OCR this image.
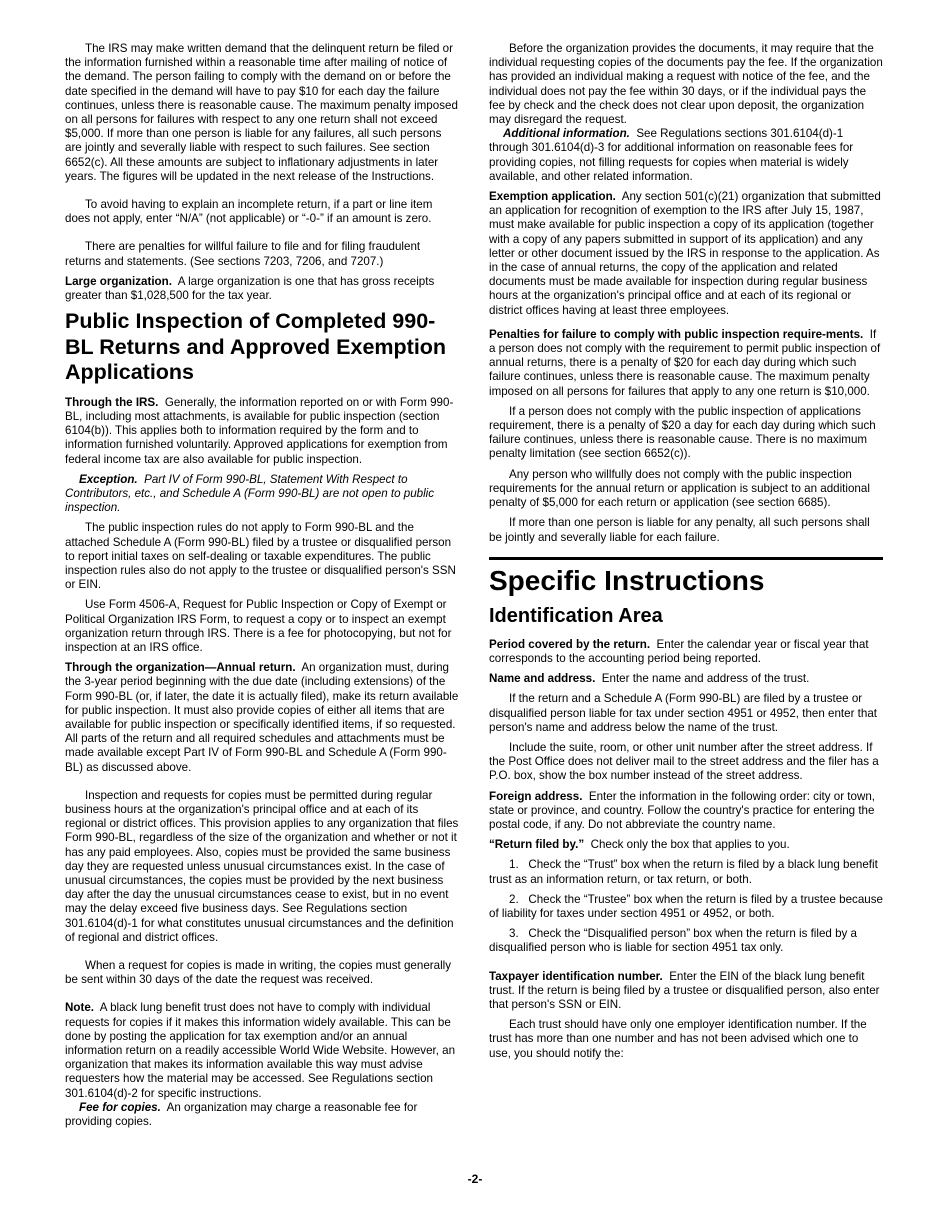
The IRS may make written demand that the delinquent return be filed or the information furnished within a reasonable time after mailing of notice of the demand. The person failing to comply with the demand on or before the date specified in the demand will have to pay $10 for each day the failure continues, unless there is reasonable cause. The maximum penalty imposed on all persons for failures with respect to any one return shall not exceed $5,000. If more than one person is liable for any failures, all such persons are jointly and severally liable with respect to such failures. See section 6652(c). All these amounts are subject to inflationary adjustments in later years. The figures will be updated in the next release of the Instructions.

To avoid having to explain an incomplete return, if a part or line item does not apply, enter “N/A” (not applicable) or “-0-” if an amount is zero.

There are penalties for willful failure to file and for filing fraudulent returns and statements. (See sections 7203, 7206, and 7207.)

Large organization. A large organization is one that has gross receipts greater than $1,028,500 for the tax year.

Public Inspection of Completed 990-BL Returns and Approved Exemption Applications

Through the IRS. Generally, the information reported on or with Form 990-BL, including most attachments, is available for public inspection (section 6104(b)). This applies both to information required by the form and to information furnished voluntarily. Approved applications for exemption from federal income tax are also available for public inspection.

Exception. Part IV of Form 990-BL, Statement With Respect to Contributors, etc., and Schedule A (Form 990-BL) are not open to public inspection.

The public inspection rules do not apply to Form 990-BL and the attached Schedule A (Form 990-BL) filed by a trustee or disqualified person to report initial taxes on self-dealing or taxable expenditures. The public inspection rules also do not apply to the trustee or disqualified person's SSN or EIN.

Use Form 4506-A, Request for Public Inspection or Copy of Exempt or Political Organization IRS Form, to request a copy or to inspect an exempt organization return through IRS. There is a fee for photocopying, but not for inspection at an IRS office.

Through the organization—Annual return. An organization must, during the 3-year period beginning with the due date (including extensions) of the Form 990-BL (or, if later, the date it is actually filed), make its return available for public inspection. It must also provide copies of either all items that are available for public inspection or specifically identified items, if so requested. All parts of the return and all required schedules and attachments must be made available except Part IV of Form 990-BL and Schedule A (Form 990-BL) as discussed above.

Inspection and requests for copies must be permitted during regular business hours at the organization's principal office and at each of its regional or district offices. This provision applies to any organization that files Form 990-BL, regardless of the size of the organization and whether or not it has any paid employees. Also, copies must be provided the same business day they are requested unless unusual circumstances exist. In the case of unusual circumstances, the copies must be provided by the next business day after the day the unusual circumstances cease to exist, but in no event may the delay exceed five business days. See Regulations section 301.6104(d)-1 for what constitutes unusual circumstances and the definition of regional and district offices.

When a request for copies is made in writing, the copies must generally be sent within 30 days of the date the request was received.

Note. A black lung benefit trust does not have to comply with individual requests for copies if it makes this information widely available. This can be done by posting the application for tax exemption and/or an annual information return on a readily accessible World Wide Website. However, an organization that makes its information available this way must advise requesters how the material may be accessed. See Regulations section 301.6104(d)-2 for specific instructions.

Fee for copies. An organization may charge a reasonable fee for providing copies.

Before the organization provides the documents, it may require that the individual requesting copies of the documents pay the fee. If the organization has provided an individual making a request with notice of the fee, and the individual does not pay the fee within 30 days, or if the individual pays the fee by check and the check does not clear upon deposit, the organization may disregard the request.

Additional information. See Regulations sections 301.6104(d)-1 through 301.6104(d)-3 for additional information on reasonable fees for providing copies, not filling requests for copies when material is widely available, and other related information.

Exemption application. Any section 501(c)(21) organization that submitted an application for recognition of exemption to the IRS after July 15, 1987, must make available for public inspection a copy of its application (together with a copy of any papers submitted in support of its application) and any letter or other document issued by the IRS in response to the application. As in the case of annual returns, the copy of the application and related documents must be made available for inspection during regular business hours at the organization's principal office and at each of its regional or district offices having at least three employees.

Penalties for failure to comply with public inspection require-ments. If a person does not comply with the requirement to permit public inspection of annual returns, there is a penalty of $20 for each day during which such failure continues, unless there is reasonable cause. The maximum penalty imposed on all persons for failures that apply to any one return is $10,000.

If a person does not comply with the public inspection of applications requirement, there is a penalty of $20 a day for each day during which such failure continues, unless there is reasonable cause. There is no maximum penalty limitation (see section 6652(c)).

Any person who willfully does not comply with the public inspection requirements for the annual return or application is subject to an additional penalty of $5,000 for each return or application (see section 6685).

If more than one person is liable for any penalty, all such persons shall be jointly and severally liable for each failure.

Specific Instructions
Identification Area

Period covered by the return. Enter the calendar year or fiscal year that corresponds to the accounting period being reported.

Name and address. Enter the name and address of the trust.

If the return and a Schedule A (Form 990-BL) are filed by a trustee or disqualified person liable for tax under section 4951 or 4952, then enter that person's name and address below the name of the trust.

Include the suite, room, or other unit number after the street address. If the Post Office does not deliver mail to the street address and the filer has a P.O. box, show the box number instead of the street address.

Foreign address. Enter the information in the following order: city or town, state or province, and country. Follow the country's practice for entering the postal code, if any. Do not abbreviate the country name.

“Return filed by.” Check only the box that applies to you.

1.   Check the “Trust” box when the return is filed by a black lung benefit trust as an information return, or tax return, or both.

2.   Check the “Trustee” box when the return is filed by a trustee because of liability for taxes under section 4951 or 4952, or both.

3.   Check the “Disqualified person” box when the return is filed by a disqualified person who is liable for section 4951 tax only.

Taxpayer identification number. Enter the EIN of the black lung benefit trust. If the return is being filed by a trustee or disqualified person, also enter that person's SSN or EIN.

Each trust should have only one employer identification number. If the trust has more than one number and has not been advised which one to use, you should notify the:

-2-
